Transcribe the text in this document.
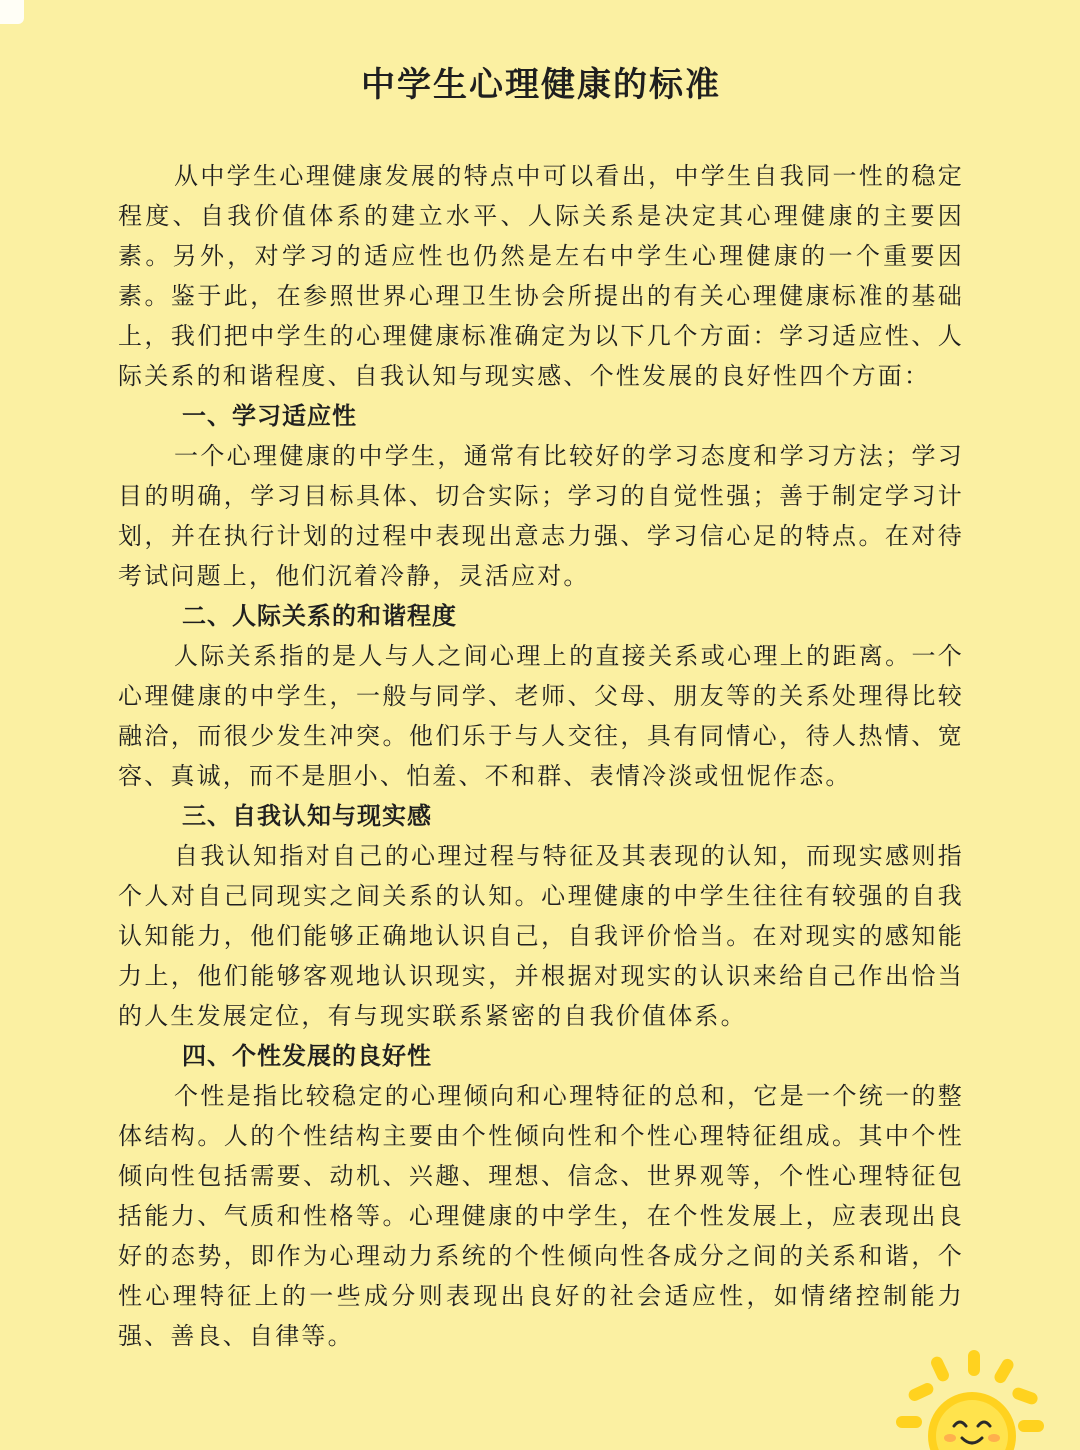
中学生心理健康的标准

从中学生心理健康发展的特点中可以看出，中学生自我同一性的稳定程度、自我价值体系的建立水平、人际关系是决定其心理健康的主要因素。另外，对学习的适应性也仍然是左右中学生心理健康的一个重要因素。鉴于此，在参照世界心理卫生协会所提出的有关心理健康标准的基础上，我们把中学生的心理健康标准确定为以下几个方面：学习适应性、人际关系的和谐程度、自我认知与现实感、个性发展的良好性四个方面：

一、学习适应性

一个心理健康的中学生，通常有比较好的学习态度和学习方法；学习目的明确，学习目标具体、切合实际；学习的自觉性强；善于制定学习计划，并在执行计划的过程中表现出意志力强、学习信心足的特点。在对待考试问题上，他们沉着冷静，灵活应对。

二、人际关系的和谐程度

人际关系指的是人与人之间心理上的直接关系或心理上的距离。一个心理健康的中学生，一般与同学、老师、父母、朋友等的关系处理得比较融洽，而很少发生冲突。他们乐于与人交往，具有同情心，待人热情、宽容、真诚，而不是胆小、怕羞、不和群、表情冷淡或忸怩作态。

三、自我认知与现实感

自我认知指对自己的心理过程与特征及其表现的认知，而现实感则指个人对自己同现实之间关系的认知。心理健康的中学生往往有较强的自我认知能力，他们能够正确地认识自己，自我评价恰当。在对现实的感知能力上，他们能够客观地认识现实，并根据对现实的认识来给自己作出恰当的人生发展定位，有与现实联系紧密的自我价值体系。

四、个性发展的良好性

个性是指比较稳定的心理倾向和心理特征的总和，它是一个统一的整体结构。人的个性结构主要由个性倾向性和个性心理特征组成。其中个性倾向性包括需要、动机、兴趣、理想、信念、世界观等，个性心理特征包括能力、气质和性格等。心理健康的中学生，在个性发展上，应表现出良好的态势，即作为心理动力系统的个性倾向性各成分之间的关系和谐，个性心理特征上的一些成分则表现出良好的社会适应性，如情绪控制能力强、善良、自律等。
